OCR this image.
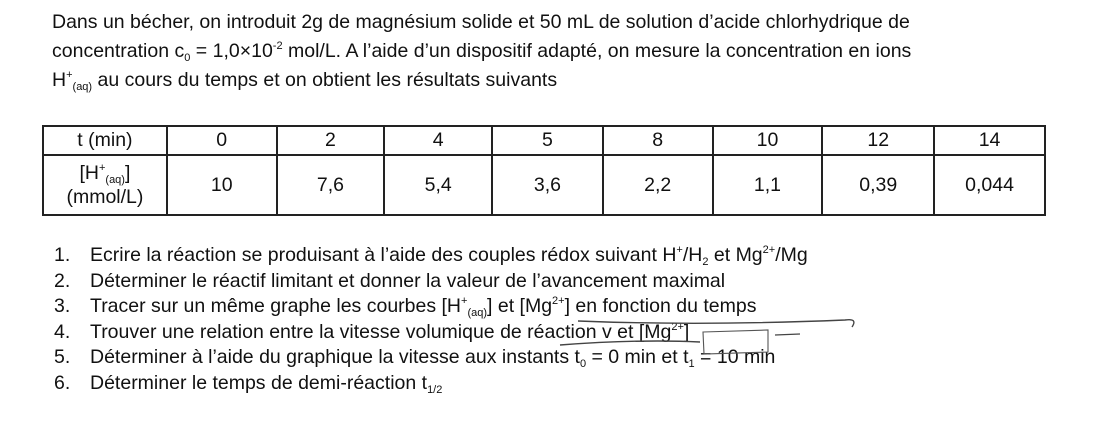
Dans un bécher, on introduit 2g de magnésium solide et 50 mL de solution d’acide chlorhydrique de

concentration $c_0 = 1,0\times 10^{-2}$ mol/L. A l’aide d’un dispositif adapté, on mesure la concentration en ions

$H^+_{(aq)}$ au cours du temps et on obtient les résultats suivants

t (min)	0	2	4	5	8	10	12	14

$[H^+_{(aq)}]$
(mmol/L)	10	7,6	5,4	3,6	2,2	1,1	0,39	0,044
1. Ecrire la réaction se produisant à l’aide des couples rédox suivant $H^+/H_2$ et $Mg^{2+}/Mg$
2. Déterminer le réactif limitant et donner la valeur de l’avancement maximal
3. Tracer sur un même graphe les courbes $[H^+_{(aq)}]$ et $[Mg^{2+}]$ en fonction du temps
4. Trouver une relation entre la vitesse volumique de réaction v et $[Mg^{2+}]$
5. Déterminer à l’aide du graphique la vitesse aux instants $t_0 = 0$ min et $t_1 = 10$ min
6. Déterminer le temps de demi-réaction $t_{1/2}$
